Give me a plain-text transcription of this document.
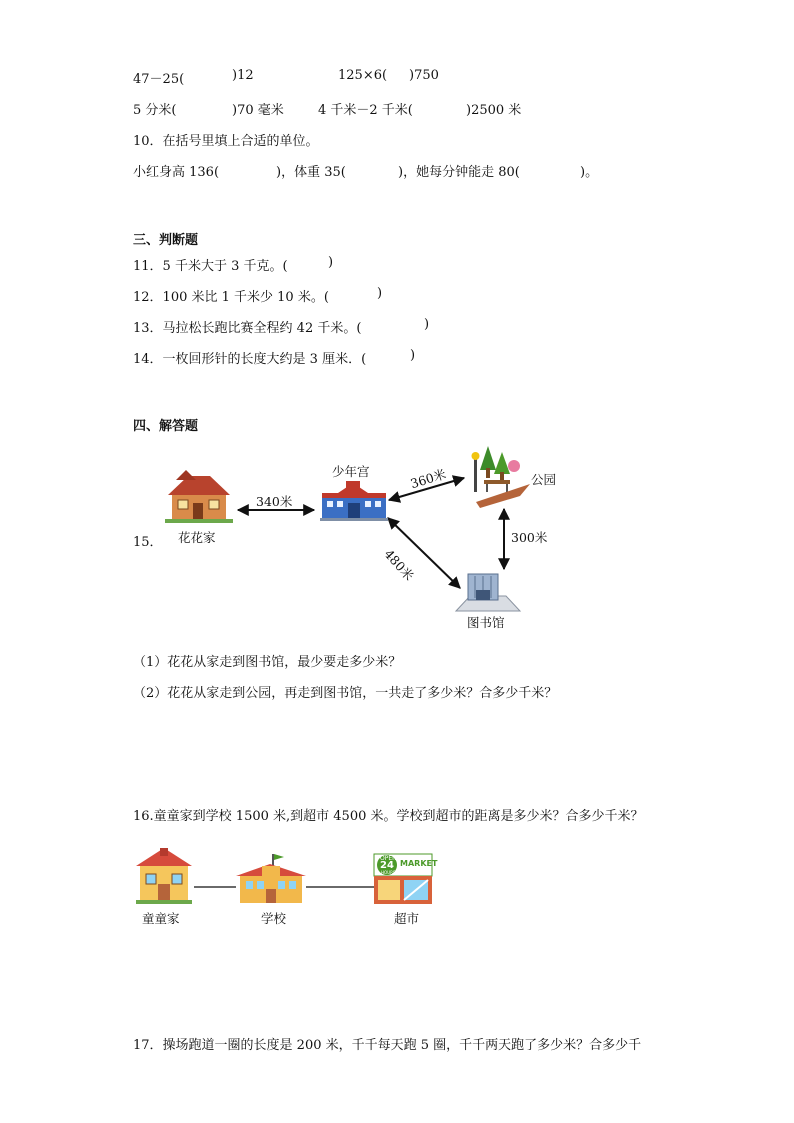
47－25(	)12	125×6( )750
5 分米(	)70 毫米	4 千米－2 千米(	)2500 米
10．在括号里填上合适的单位。
小红身高 136(	)，体重 35(	)，她每分钟能走 80(	)。
三、判断题
11．5 千米大于 3 千克。(	)
12．100 米比 1 千米少 10 米。(	)
13．马拉松长跑比赛全程约 42 千米。(	)
14．一枚回形针的长度大约是 3 厘米．(	)
四、解答题
15．
少年宫
花花家
公园
图书馆
340米
360米
300米
480米
（1）花花从家走到图书馆，最少要走多少米？
（2）花花从家走到公园，再走到图书馆，一共走了多少米？合多少千米？
16.童童家到学校 1500 米,到超市 4500 米。学校到超市的距离是多少米？合多少千米？
OPEN
24
HOURS
MARKET
童童家	学校	超市
17．操场跑道一圈的长度是 200 米，千千每天跑 5 圈，千千两天跑了多少米？合多少千
